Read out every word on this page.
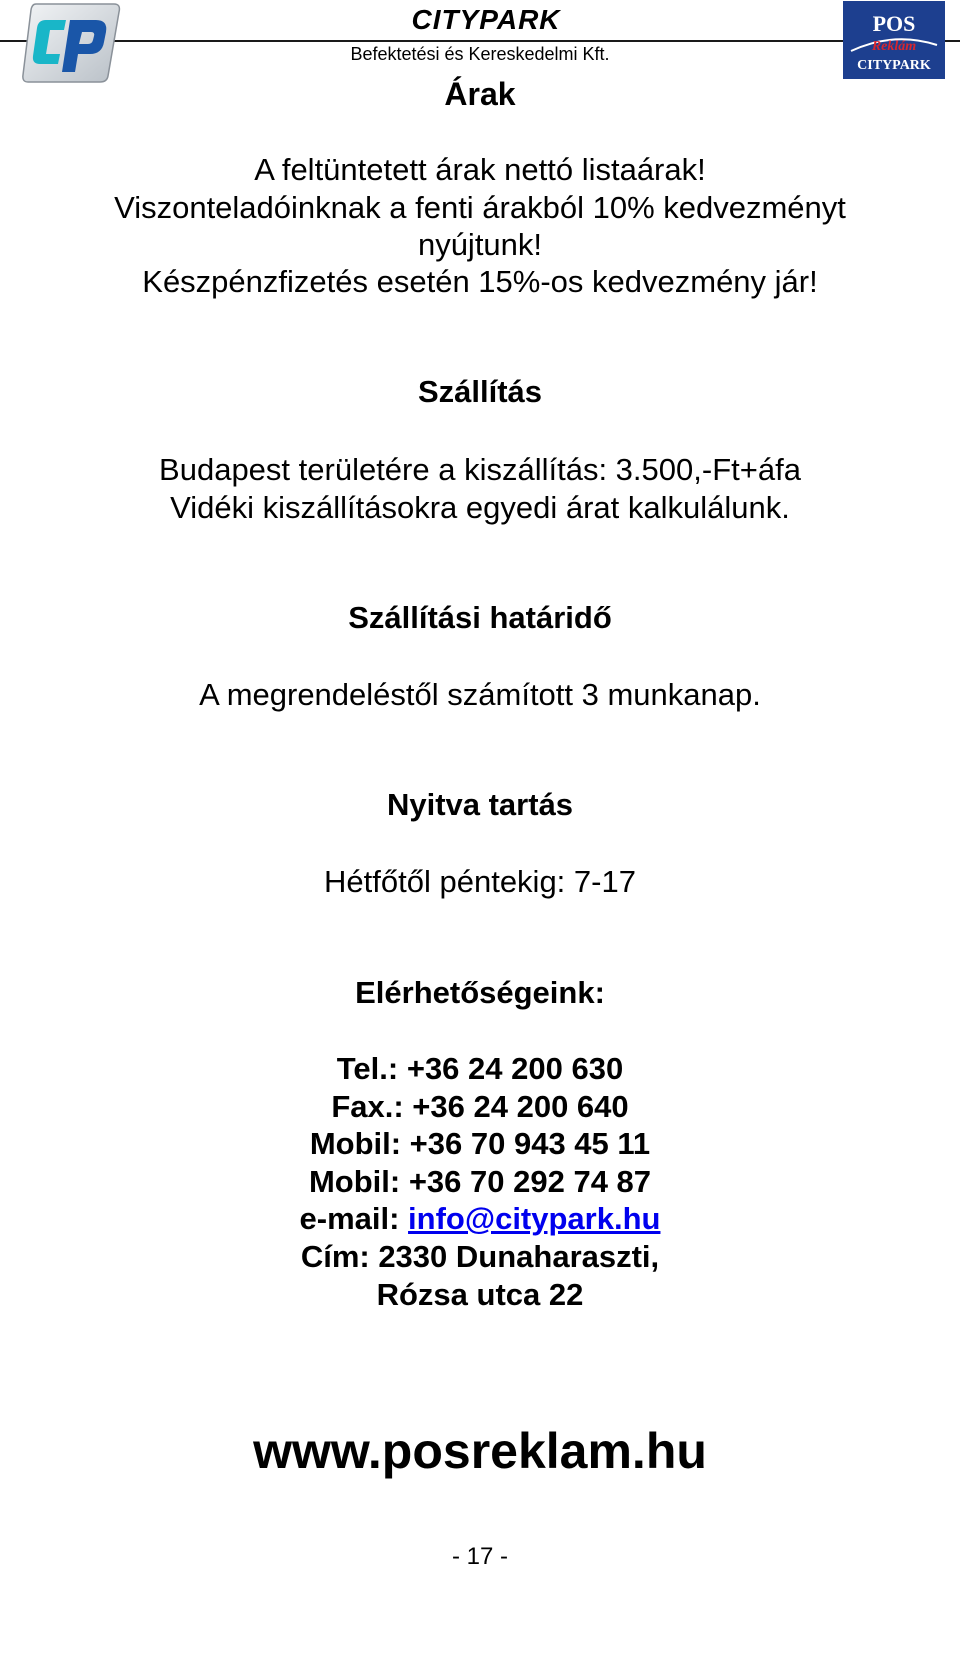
CITYPARK
Befektetési és Kereskedelmi Kft.
POS
Reklám
CITYPARK
Árak
A feltüntetett árak nettó listaárak!
Viszonteladóinknak a fenti árakból 10% kedvezményt
nyújtunk!
Készpénzfizetés esetén 15%-os kedvezmény jár!
Szállítás
Budapest területére a kiszállítás: 3.500,-Ft+áfa
Vidéki kiszállításokra egyedi árat kalkulálunk.
Szállítási határidő
A megrendeléstől számított 3 munkanap.
Nyitva tartás
Hétfőtől péntekig: 7-17
Elérhetőségeink:
Tel.: +36 24 200 630
Fax.: +36 24 200 640
Mobil: +36 70 943 45 11
Mobil: +36 70 292 74 87
e-mail: info@citypark.hu
Cím: 2330 Dunaharaszti,
Rózsa utca 22
www.posreklam.hu
- 17 -
